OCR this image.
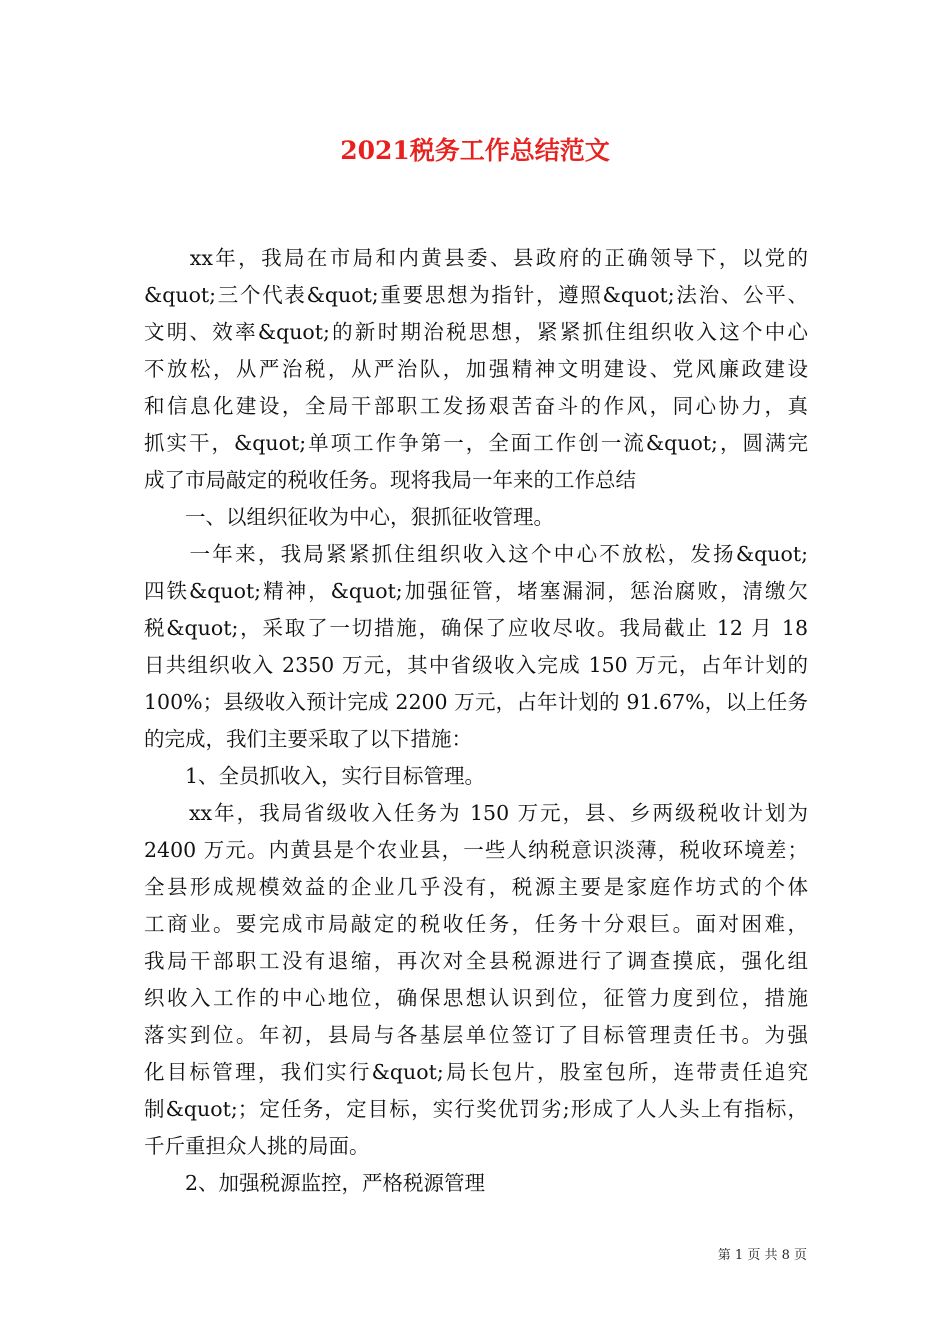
2021税务工作总结范文
　　xx年，我局在市局和内黄县委、县政府的正确领导下，以党的
&quot;三个代表&quot;重要思想为指针，遵照&quot;法治、公平、
文明、效率&quot;的新时期治税思想，紧紧抓住组织收入这个中心
不放松，从严治税，从严治队，加强精神文明建设、党风廉政建设
和信息化建设，全局干部职工发扬艰苦奋斗的作风，同心协力，真
抓实干，&quot;单项工作争第一，全面工作创一流&quot;，圆满完
成了市局敲定的税收任务。现将我局一年来的工作总结
　　一、以组织征收为中心，狠抓征收管理。
　　一年来，我局紧紧抓住组织收入这个中心不放松，发扬&quot;
四铁&quot;精神，&quot;加强征管，堵塞漏洞，惩治腐败，清缴欠
税&quot;，采取了一切措施，确保了应收尽收。我局截止 12 月 18
日共组织收入 2350 万元，其中省级收入完成 150 万元，占年计划的
100%；县级收入预计完成 2200 万元，占年计划的 91.67%，以上任务
的完成，我们主要采取了以下措施：
　　1、全员抓收入，实行目标管理。
　　xx年，我局省级收入任务为 150 万元，县、乡两级税收计划为
2400 万元。内黄县是个农业县，一些人纳税意识淡薄，税收环境差；
全县形成规模效益的企业几乎没有，税源主要是家庭作坊式的个体
工商业。要完成市局敲定的税收任务，任务十分艰巨。面对困难，
我局干部职工没有退缩，再次对全县税源进行了调查摸底，强化组
织收入工作的中心地位，确保思想认识到位，征管力度到位，措施
落实到位。年初，县局与各基层单位签订了目标管理责任书。为强
化目标管理，我们实行&quot;局长包片，股室包所，连带责任追究
制&quot;；定任务，定目标，实行奖优罚劣;形成了人人头上有指标，
千斤重担众人挑的局面。
　　2、加强税源监控，严格税源管理
第 1 页 共 8 页
